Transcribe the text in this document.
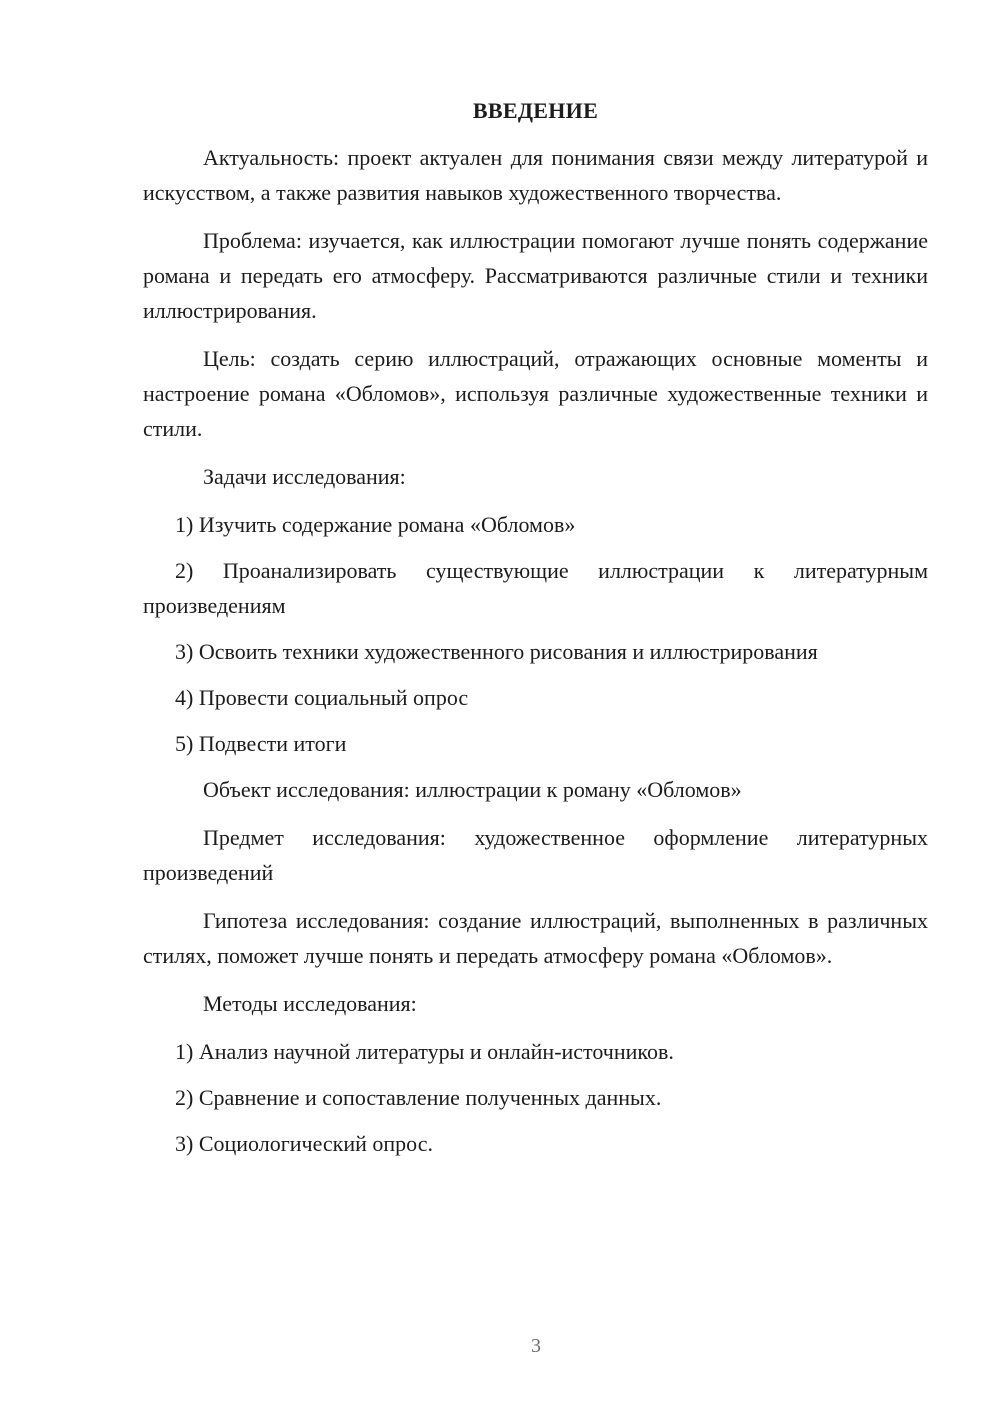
ВВЕДЕНИЕ

Актуальность: проект актуален для понимания связи между литературой и искусством, а также развития навыков художественного творчества.

Проблема: изучается, как иллюстрации помогают лучше понять содержание романа и передать его атмосферу. Рассматриваются различные стили и техники иллюстрирования.

Цель: создать серию иллюстраций, отражающих основные моменты и настроение романа «Обломов», используя различные художественные техники и стили.

Задачи исследования:

1) Изучить содержание романа «Обломов»

2) Проанализировать существующие иллюстрации к литературным произведениям

3) Освоить техники художественного рисования и иллюстрирования

4) Провести социальный опрос

5) Подвести итоги

Объект исследования: иллюстрации к роману «Обломов»

Предмет исследования: художественное оформление литературных произведений

Гипотеза исследования: создание иллюстраций, выполненных в различных стилях, поможет лучше понять и передать атмосферу романа «Обломов».

Методы исследования:

1) Анализ научной литературы и онлайн-источников.

2) Сравнение и сопоставление полученных данных.

3) Социологический опрос.

3
